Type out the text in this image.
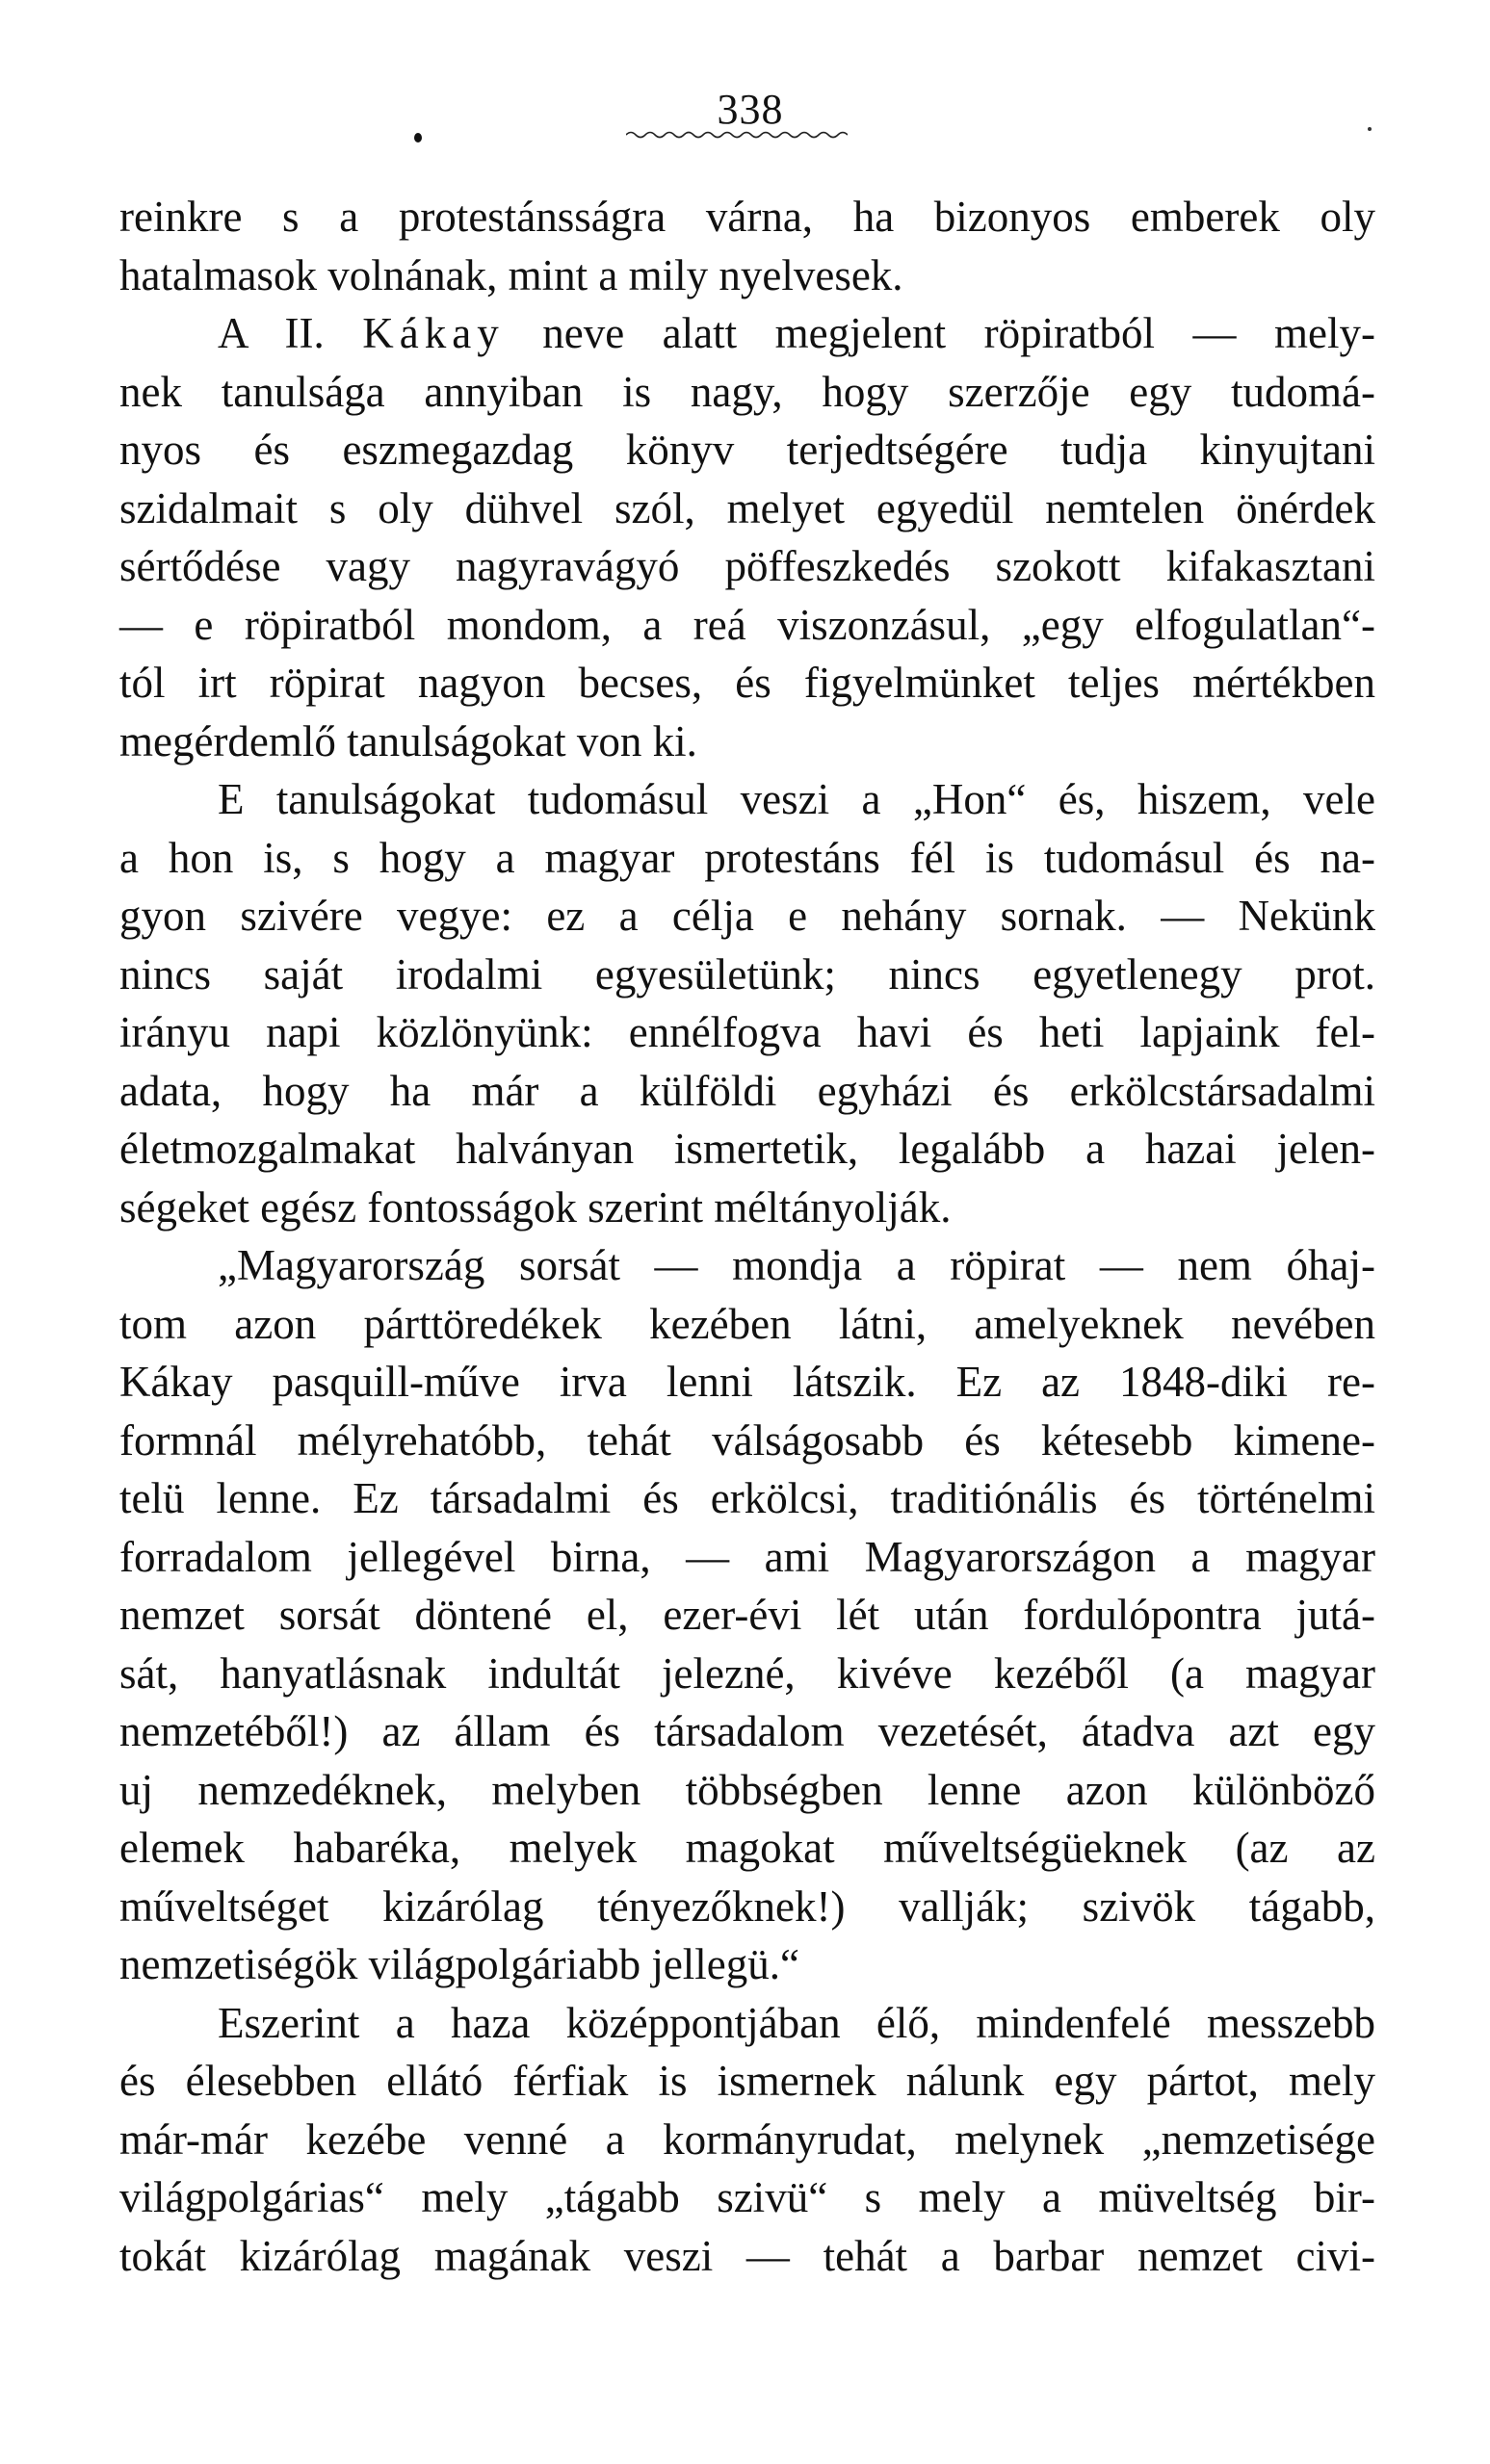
338
reinkre s a protestánsságra várna, ha bizonyos emberek oly
hatalmasok volnának, mint a mily nyelvesek.
A II. Kákay neve alatt megjelent röpiratból — mely-
nek tanulsága annyiban is nagy, hogy szerzője egy tudomá-
nyos és eszmegazdag könyv terjedtségére tudja kinyujtani
szidalmait s oly dühvel szól, melyet egyedül nemtelen önérdek
sértődése vagy nagyravágyó pöffeszkedés szokott kifakasztani
— e röpiratból mondom, a reá viszonzásul, „egy elfogulatlan“-
tól irt röpirat nagyon becses, és figyelmünket teljes mértékben
megérdemlő tanulságokat von ki.
E tanulságokat tudomásul veszi a „Hon“ és, hiszem, vele
a hon is, s hogy a magyar protestáns fél is tudomásul és na-
gyon szivére vegye: ez a célja e nehány sornak. — Nekünk
nincs saját irodalmi egyesületünk; nincs egyetlenegy prot.
irányu napi közlönyünk: ennélfogva havi és heti lapjaink fel-
adata, hogy ha már a külföldi egyházi és erkölcstársadalmi
életmozgalmakat halványan ismertetik, legalább a hazai jelen-
ségeket egész fontosságok szerint méltányolják.
„Magyarország sorsát — mondja a röpirat — nem óhaj-
tom azon párttöredékek kezében látni, amelyeknek nevében
Kákay pasquill-műve irva lenni látszik. Ez az 1848-diki re-
formnál mélyrehatóbb, tehát válságosabb és kétesebb kimene-
telü lenne. Ez társadalmi és erkölcsi, traditiónális és történelmi
forradalom jellegével birna, — ami Magyarországon a magyar
nemzet sorsát döntené el, ezer-évi lét után fordulópontra jutá-
sát, hanyatlásnak indultát jelezné, kivéve kezéből (a magyar
nemzetéből!) az állam és társadalom vezetését, átadva azt egy
uj nemzedéknek, melyben többségben lenne azon különböző
elemek habaréka, melyek magokat műveltségüeknek (az az
műveltséget kizárólag tényezőknek!) vallják; szivök tágabb,
nemzetiségök világpolgáriabb jellegü.“
Eszerint a haza középpontjában élő, mindenfelé messzebb
és élesebben ellátó férfiak is ismernek nálunk egy pártot, mely
már-már kezébe venné a kormányrudat, melynek „nemzetisége
világpolgárias“ mely „tágabb szivü“ s mely a müveltség bir-
tokát kizárólag magának veszi — tehát a barbar nemzet civi-
